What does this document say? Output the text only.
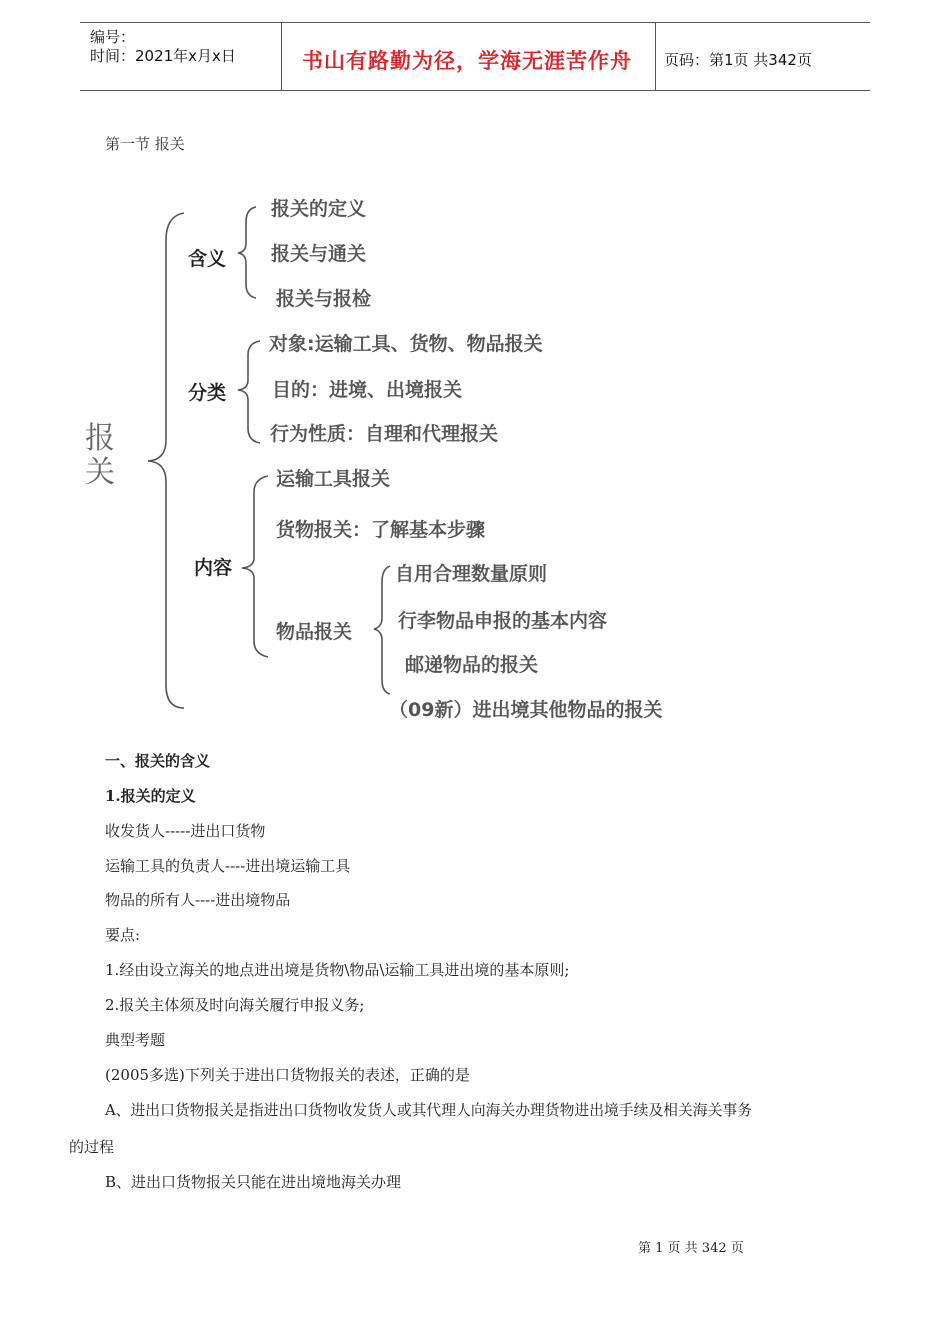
编号：
时间：2021年x月x日	书山有路勤为径，学海无涯苦作舟 页码：第1页 共342页
第一节 报关
报关
含义
报关的定义
报关与通关
报关与报检
分类
对象:运输工具、货物、物品报关
目的：进境、出境报关
行为性质：自理和代理报关
内容
运输工具报关
货物报关：了解基本步骤
物品报关
自用合理数量原则
行李物品申报的基本内容
邮递物品的报关
（09新）进出境其他物品的报关
一、报关的含义
1.报关的定义
收发货人-----进出口货物
运输工具的负责人----进出境运输工具
物品的所有人----进出境物品
要点:
1.经由设立海关的地点进出境是货物\物品\运输工具进出境的基本原则;
2.报关主体须及时向海关履行申报义务;
典型考题
(2005多选)下列关于进出口货物报关的表述，正确的是
A、进出口货物报关是指进出口货物收发货人或其代理人向海关办理货物进出境手续及相关海关事务
的过程
B、进出口货物报关只能在进出境地海关办理
第 1 页 共 342 页
